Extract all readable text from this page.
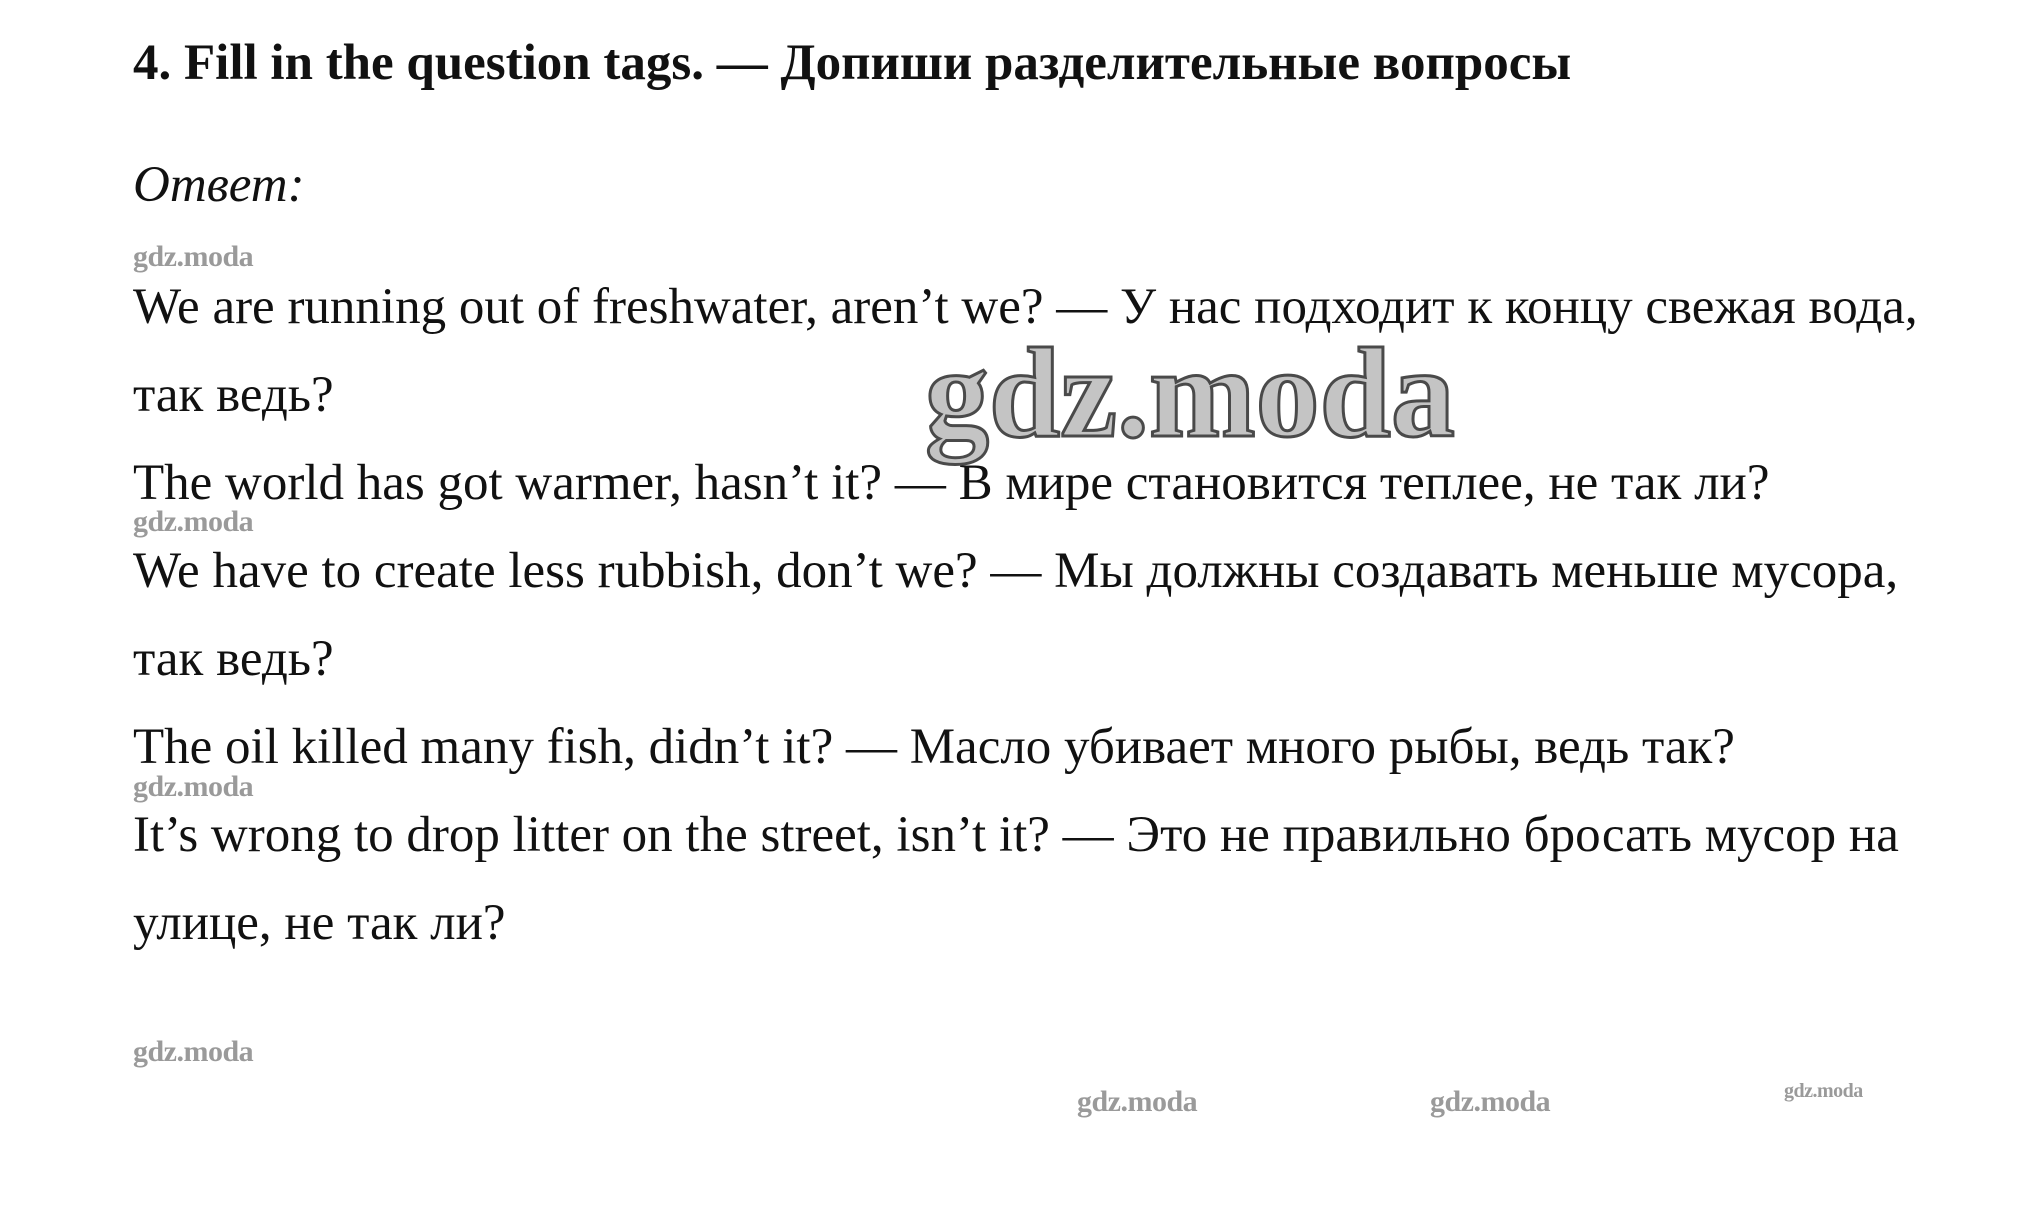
4. Fill in the question tags. — Допиши разделительные вопросы
Ответ:
We are running out of freshwater, aren’t we? — У нас подходит к концу свежая вода, так ведь?
The world has got warmer, hasn’t it? — В мире становится теплее, не так ли?
We have to create less rubbish, don’t we? — Мы должны создавать меньше мусора, так ведь?
The oil killed many fish, didn’t it? — Масло убивает много рыбы, ведь так?
It’s wrong to drop litter on the street, isn’t it? — Это не правильно бросать мусор на улице, не так ли?
gdz.moda
gdz.moda
gdz.moda
gdz.moda
gdz.moda
gdz.moda	gdz.moda	gdz.moda
